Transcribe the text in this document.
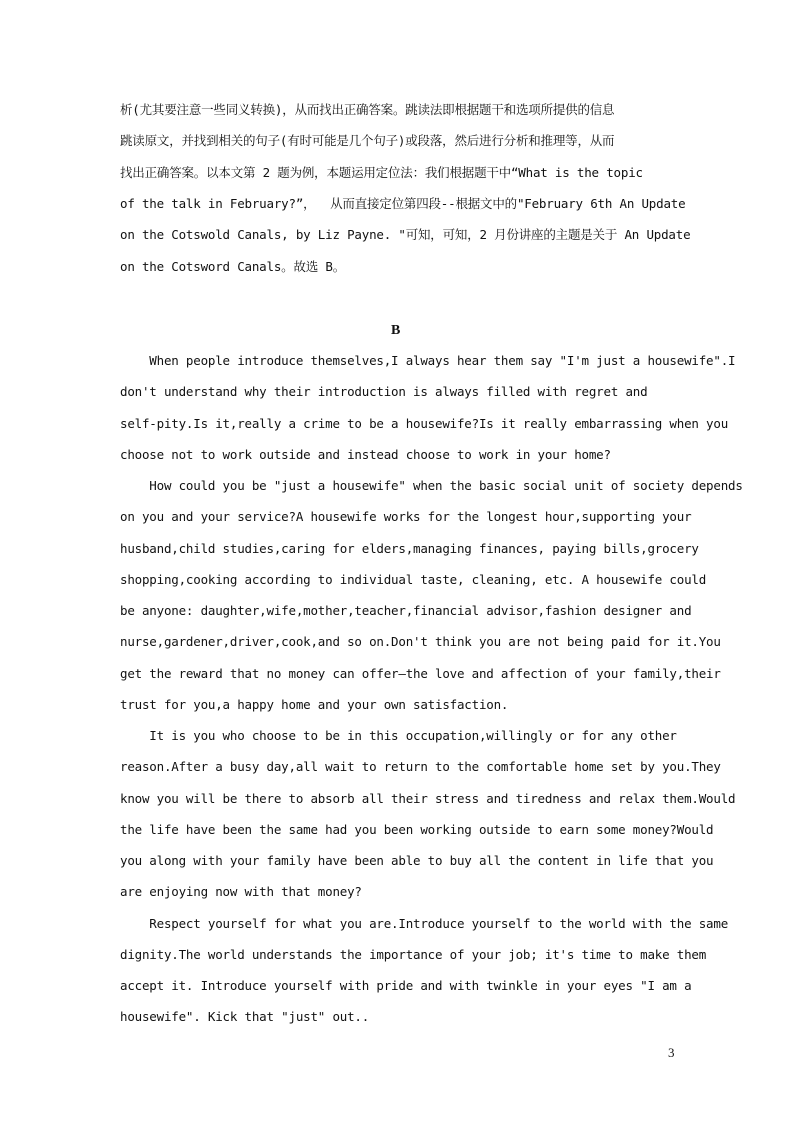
析(尤其要注意一些同义转换)，从而找出正确答案。跳读法即根据题干和选项所提供的信息
跳读原文，并找到相关的句子(有时可能是几个句子)或段落，然后进行分析和推理等，从而
找出正确答案。以本文第 2 题为例，本题运用定位法：我们根据题干中“What is the topic
of the talk in February?”，  从而直接定位第四段--根据文中的"February 6th An Update
on the Cotswold Canals, by Liz Payne. "可知，可知，2 月份讲座的主题是关于 An Update
on the Cotsword Canals。故选 B。
B
When people introduce themselves,I always hear them say "I'm just a housewife".I
don't understand why their introduction is always filled with regret and
self-pity.Is it,really a crime to be a housewife?Is it really embarrassing when you
choose not to work outside and instead choose to work in your home?
How could you be "just a housewife" when the basic social unit of society depends
on you and your service?A housewife works for the longest hour,supporting your
husband,child studies,caring for elders,managing finances, paying bills,grocery
shopping,cooking according to individual taste, cleaning, etc. A housewife could
be anyone: daughter,wife,mother,teacher,financial advisor,fashion designer and
nurse,gardener,driver,cook,and so on.Don't think you are not being paid for it.You
get the reward that no money can offer—the love and affection of your family,their
trust for you,a happy home and your own satisfaction.
It is you who choose to be in this occupation,willingly or for any other
reason.After a busy day,all wait to return to the comfortable home set by you.They
know you will be there to absorb all their stress and tiredness and relax them.Would
the life have been the same had you been working outside to earn some money?Would
you along with your family have been able to buy all the content in life that you
are enjoying now with that money?
Respect yourself for what you are.Introduce yourself to the world with the same
dignity.The world understands the importance of your job; it's time to make them
accept it. Introduce yourself with pride and with twinkle in your eyes "I am a
housewife". Kick that "just" out..
3
